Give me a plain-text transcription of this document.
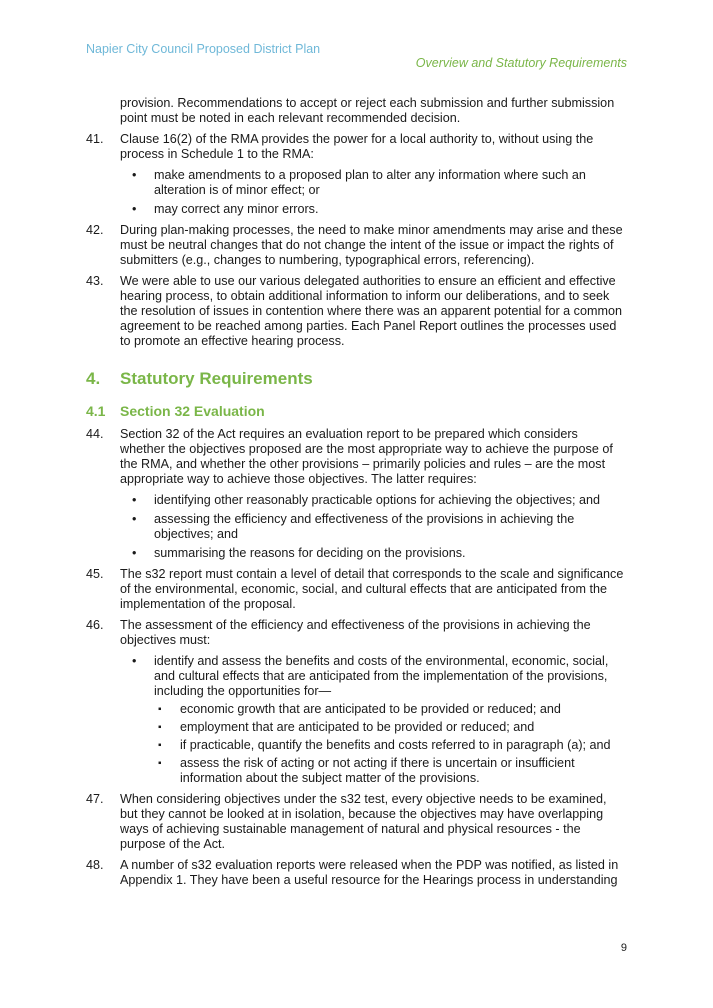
Napier City Council Proposed District Plan
Overview and Statutory Requirements

provision. Recommendations to accept or reject each submission and further submission point must be noted in each relevant recommended decision.

41.	Clause 16(2) of the RMA provides the power for a local authority to, without using the process in Schedule 1 to the RMA:
• make amendments to a proposed plan to alter any information where such an alteration is of minor effect; or
• may correct any minor errors.
42.	During plan-making processes, the need to make minor amendments may arise and these must be neutral changes that do not change the intent of the issue or impact the rights of submitters (e.g., changes to numbering, typographical errors, referencing).
43.	We were able to use our various delegated authorities to ensure an efficient and effective hearing process, to obtain additional information to inform our deliberations, and to seek the resolution of issues in contention where there was an apparent potential for a common agreement to be reached among parties. Each Panel Report outlines the processes used to promote an effective hearing process.
4.	Statutory Requirements
4.1	Section 32 Evaluation
44.	Section 32 of the Act requires an evaluation report to be prepared which considers whether the objectives proposed are the most appropriate way to achieve the purpose of the RMA, and whether the other provisions – primarily policies and rules – are the most appropriate way to achieve those objectives. The latter requires:
• identifying other reasonably practicable options for achieving the objectives; and
• assessing the efficiency and effectiveness of the provisions in achieving the objectives; and
• summarising the reasons for deciding on the provisions.
45.	The s32 report must contain a level of detail that corresponds to the scale and significance of the environmental, economic, social, and cultural effects that are anticipated from the implementation of the proposal.
46.	The assessment of the efficiency and effectiveness of the provisions in achieving the objectives must:
• identify and assess the benefits and costs of the environmental, economic, social, and cultural effects that are anticipated from the implementation of the provisions, including the opportunities for—
▪ economic growth that are anticipated to be provided or reduced; and
▪ employment that are anticipated to be provided or reduced; and
▪ if practicable, quantify the benefits and costs referred to in paragraph (a); and
▪ assess the risk of acting or not acting if there is uncertain or insufficient information about the subject matter of the provisions.
47.	When considering objectives under the s32 test, every objective needs to be examined, but they cannot be looked at in isolation, because the objectives may have overlapping ways of achieving sustainable management of natural and physical resources - the purpose of the Act.
48.	A number of s32 evaluation reports were released when the PDP was notified, as listed in Appendix 1. They have been a useful resource for the Hearings process in understanding
9
